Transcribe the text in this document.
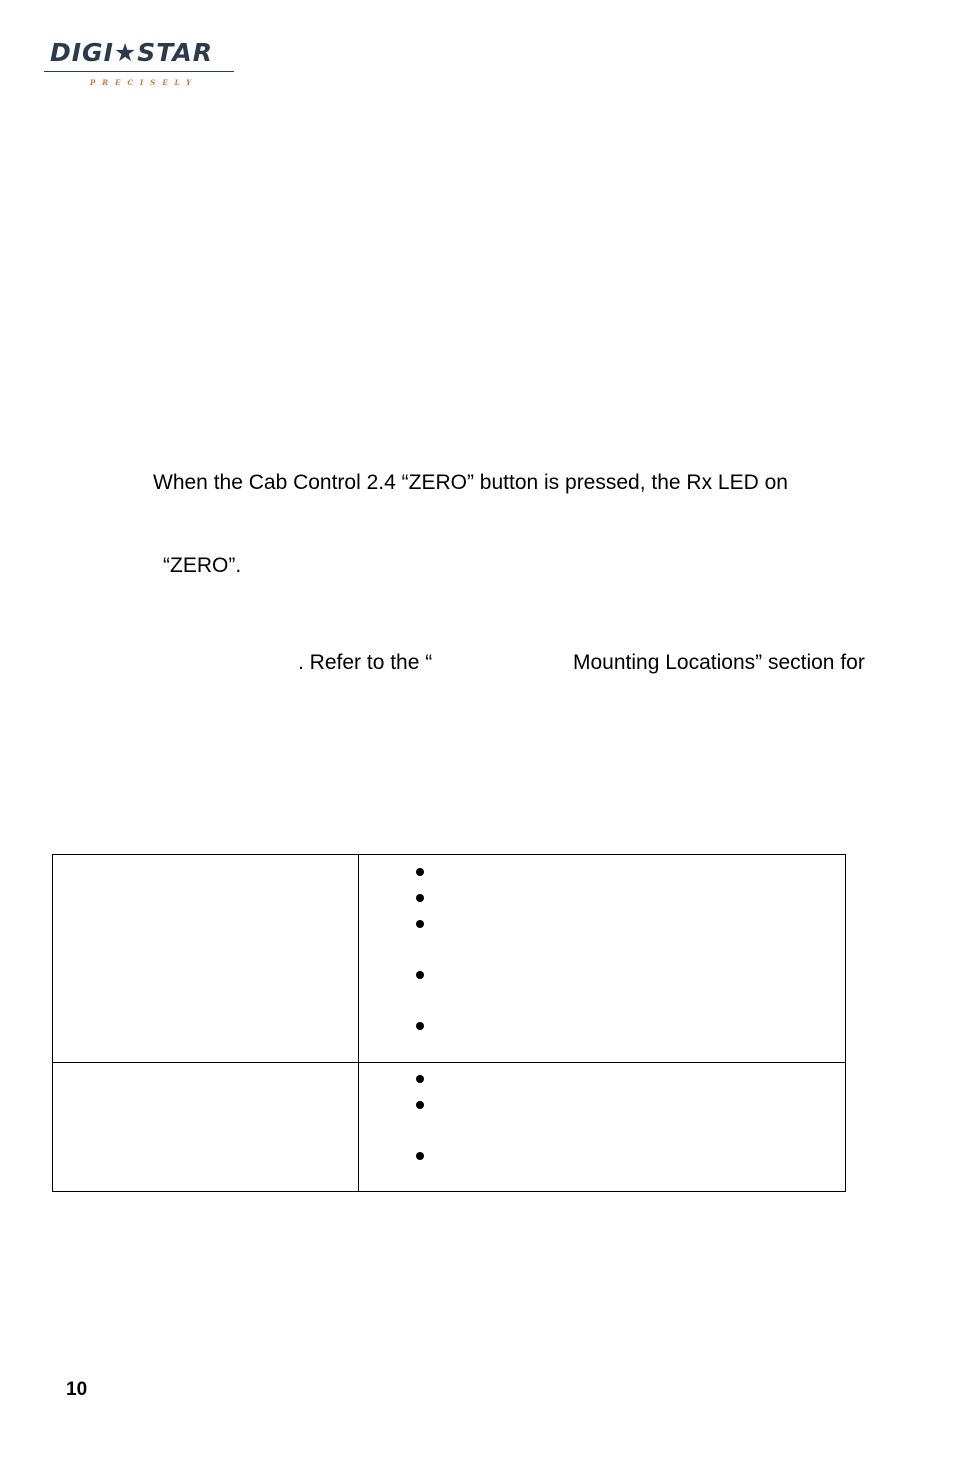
DIGI★STAR
PRECISELY
When the Cab Control 2.4 “ZERO” button is pressed, the Rx LED on
“ZERO”.
. Refer to the “	Mounting Locations” section for
10
